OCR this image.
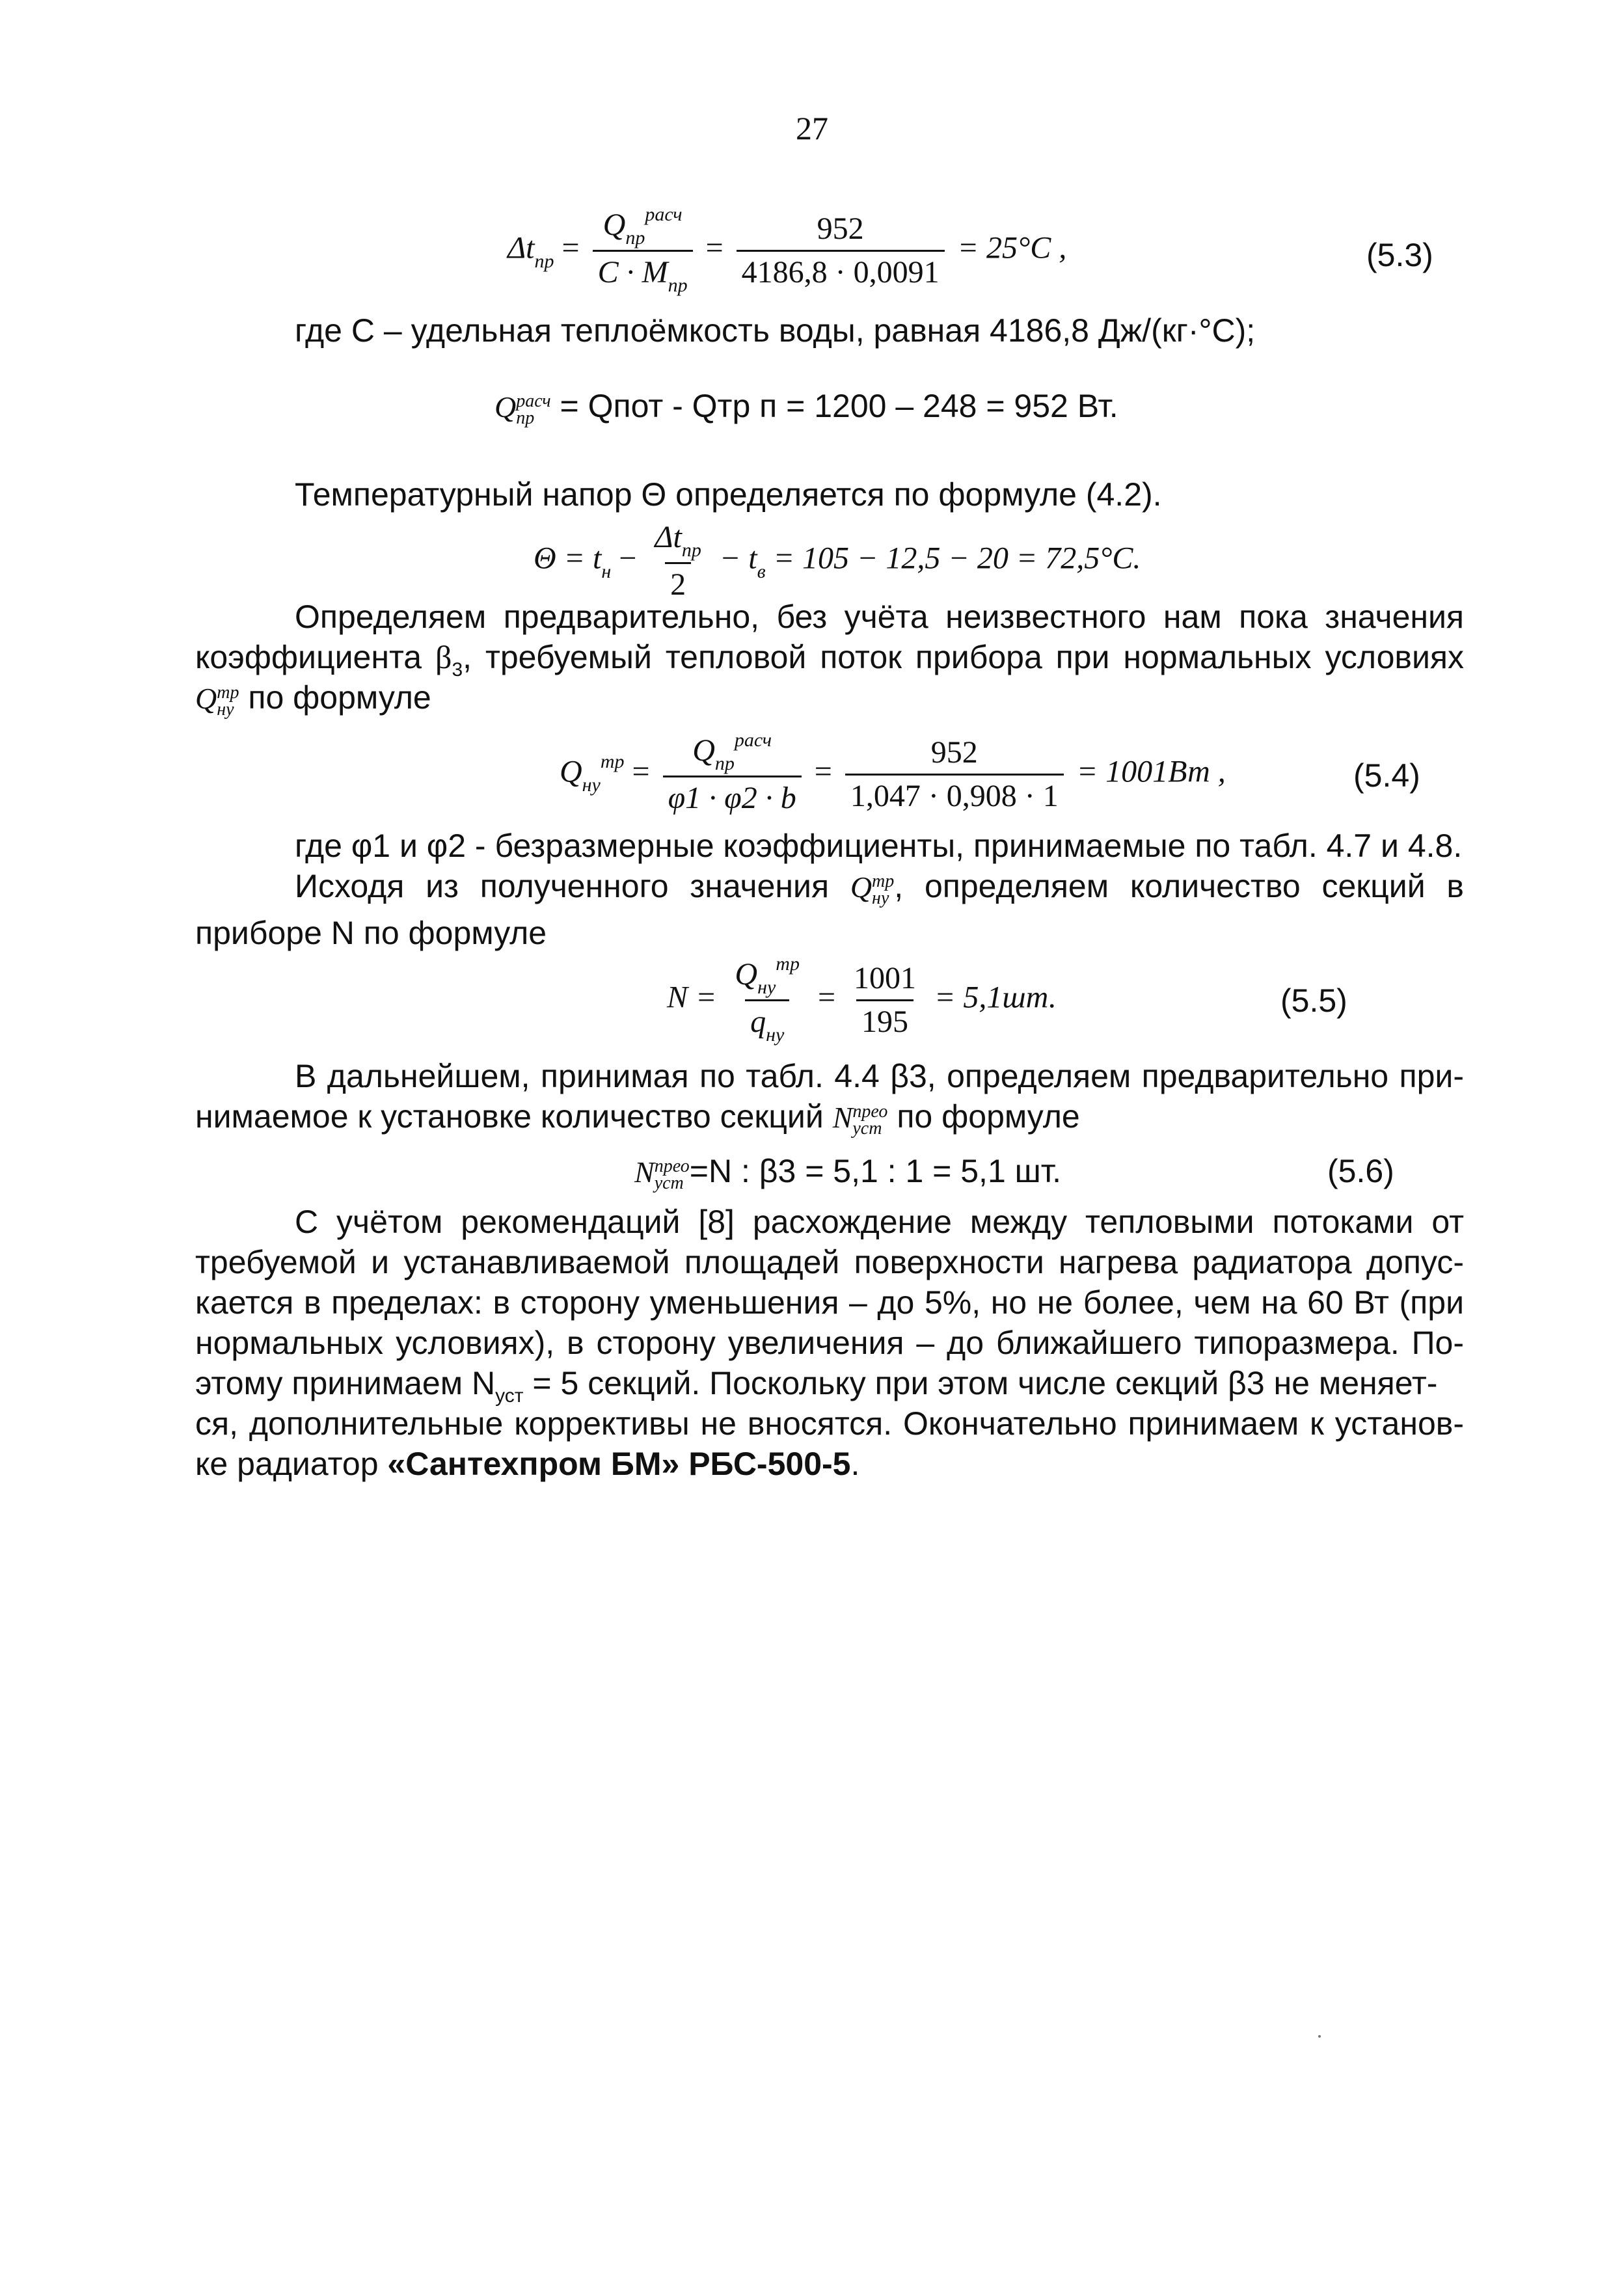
27
$\Delta t_{пр} = \frac{Q_{пр}^{расч}}{C \cdot M_{пр}} = \frac{952}{4186,8 \cdot 0,0091} = 25^\circ C$ ,	(5.3)
где С – удельная теплоёмкость воды, равная 4186,8 Дж/(кг·°С);
Q расч
пр = Qпот - Qтр п = 1200 – 248 = 952 Вт.
Температурный напор Θ определяется по формуле (4.2).
$\Theta = t_н - \frac{\Delta t_{пр}}{2} - t_в = 105 - 12,5 - 20 = 72,5^\circ C$.
Определяем предварительно, без учёта неизвестного нам пока значения
коэффициента $\beta_3$, требуемый тепловой поток прибора при нормальных условиях
Q тр
ну по формуле
$Q_{ну}^{тр} = \frac{Q_{пр}^{расч}}{\varphi 1 \cdot \varphi 2 \cdot b} = \frac{952}{1,047 \cdot 0,908 \cdot 1} = 1001Вт$ ,	(5.4)
где φ1 и φ2 - безразмерные коэффициенты, принимаемые по табл. 4.7 и 4.8.
Исходя из полученного значения Q тр
ну , определяем количество секций в
приборе N по формуле
$N = \frac{Q_{ну}^{тр}}{q_{ну}} = \frac{1001}{195} = 5,1шт$.	(5.5)
В дальнейшем, принимая по табл. 4.4 β3, определяем предварительно при-
нимаемое к установке количество секций N прео
уст по формуле
N прео
уст =N : β3 = 5,1 : 1 = 5,1 шт.	(5.6)
С учётом рекомендаций [8] расхождение между тепловыми потоками от
требуемой и устанавливаемой площадей поверхности нагрева радиатора допус-
кается в пределах: в сторону уменьшения – до 5%, но не более, чем на 60 Вт (при
нормальных условиях), в сторону увеличения – до ближайшего типоразмера. По-
этому принимаем $N_{уст} = 5$ секций. Поскольку при этом числе секций β3 не меняет-
ся, дополнительные коррективы не вносятся. Окончательно принимаем к установ-
ке радиатор «Сантехпром БМ» РБС-500-5.
